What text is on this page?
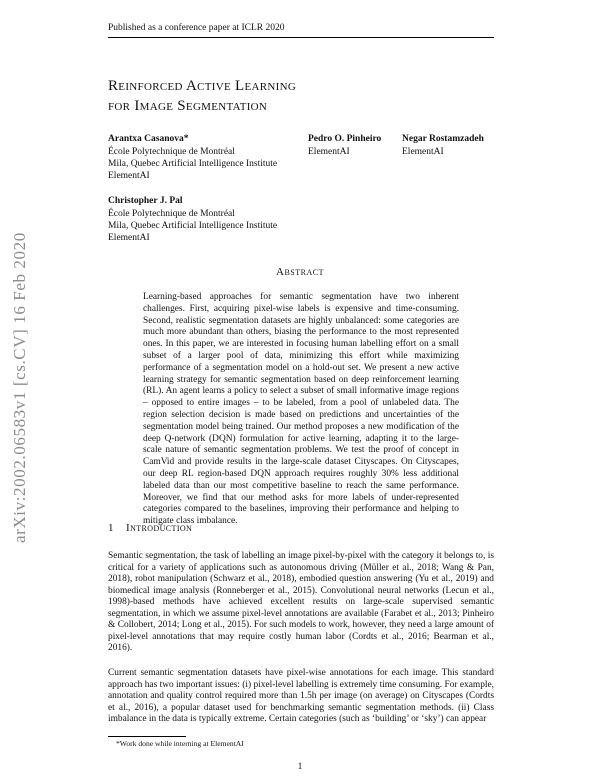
Published as a conference paper at ICLR 2020
arXiv:2002.06583v1 [cs.CV] 16 Feb 2020
Reinforced Active Learning
for Image Segmentation
Arantxa Casanova*
École Polytechnique de Montréal
Mila, Quebec Artificial Intelligence Institute
ElementAI
Pedro O. Pinheiro
ElementAI
Negar Rostamzadeh
ElementAI
Christopher J. Pal
École Polytechnique de Montréal
Mila, Quebec Artificial Intelligence Institute
ElementAI
Abstract
Learning-based approaches for semantic segmentation have two inherent challenges. First, acquiring pixel-wise labels is expensive and time-consuming. Second, realistic segmentation datasets are highly unbalanced: some categories are much more abundant than others, biasing the performance to the most represented ones. In this paper, we are interested in focusing human labelling effort on a small subset of a larger pool of data, minimizing this effort while maximizing performance of a segmentation model on a hold-out set. We present a new active learning strategy for semantic segmentation based on deep reinforcement learning (RL). An agent learns a policy to select a subset of small informative image regions – opposed to entire images – to be labeled, from a pool of unlabeled data. The region selection decision is made based on predictions and uncertainties of the segmentation model being trained. Our method proposes a new modification of the deep Q-network (DQN) formulation for active learning, adapting it to the large-scale nature of semantic segmentation problems. We test the proof of concept in CamVid and provide results in the large-scale dataset Cityscapes. On Cityscapes, our deep RL region-based DQN approach requires roughly 30% less additional labeled data than our most competitive baseline to reach the same performance. Moreover, we find that our method asks for more labels of under-represented categories compared to the baselines, improving their performance and helping to mitigate class imbalance.
1 Introduction
Semantic segmentation, the task of labelling an image pixel-by-pixel with the category it belongs to, is critical for a variety of applications such as autonomous driving (Müller et al., 2018; Wang & Pan, 2018), robot manipulation (Schwarz et al., 2018), embodied question answering (Yu et al., 2019) and biomedical image analysis (Ronneberger et al., 2015). Convolutional neural networks (Lecun et al., 1998)-based methods have achieved excellent results on large-scale supervised semantic segmentation, in which we assume pixel-level annotations are available (Farabet et al., 2013; Pinheiro & Collobert, 2014; Long et al., 2015). For such models to work, however, they need a large amount of pixel-level annotations that may require costly human labor (Cordts et al., 2016; Bearman et al., 2016).
Current semantic segmentation datasets have pixel-wise annotations for each image. This standard approach has two important issues: (i) pixel-level labelling is extremely time consuming. For example, annotation and quality control required more than 1.5h per image (on average) on Cityscapes (Cordts et al., 2016), a popular dataset used for benchmarking semantic segmentation methods. (ii) Class imbalance in the data is typically extreme. Certain categories (such as ‘building’ or ‘sky’) can appear
*Work done while interning at ElementAI
1
